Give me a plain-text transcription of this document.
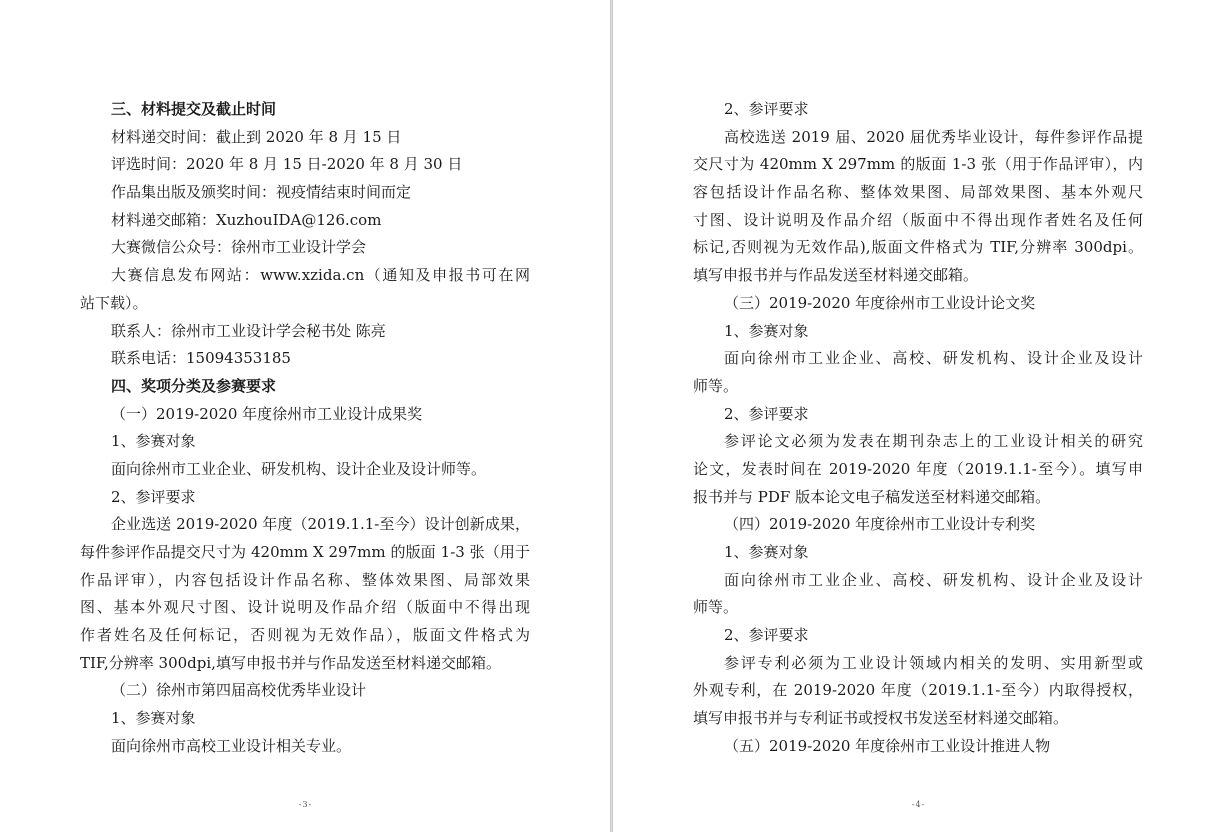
三、材料提交及截止时间
材料递交时间：截止到 2020 年 8 月 15 日
评选时间：2020 年 8 月 15 日-2020 年 8 月 30 日
作品集出版及颁奖时间：视疫情结束时间而定
材料递交邮箱：XuzhouIDA@126.com
大赛微信公众号：徐州市工业设计学会
大赛信息发布网站：www.xzida.cn（通知及申报书可在网
站下载）。
联系人：徐州市工业设计学会秘书处 陈亮
联系电话：15094353185
四、奖项分类及参赛要求
（一）2019-2020 年度徐州市工业设计成果奖
1、参赛对象
面向徐州市工业企业、研发机构、设计企业及设计师等。
2、参评要求
企业选送 2019-2020 年度（2019.1.1-至今）设计创新成果，
每件参评作品提交尺寸为 420mm X 297mm 的版面 1-3 张（用于
作品评审），内容包括设计作品名称、整体效果图、局部效果
图、基本外观尺寸图、设计说明及作品介绍（版面中不得出现
作者姓名及任何标记，否则视为无效作品），版面文件格式为
TIF,分辨率 300dpi,填写申报书并与作品发送至材料递交邮箱。
（二）徐州市第四届高校优秀毕业设计
1、参赛对象
面向徐州市高校工业设计相关专业。
-3-
2、参评要求
高校选送 2019 届、2020 届优秀毕业设计，每件参评作品提
交尺寸为 420mm X 297mm 的版面 1-3 张（用于作品评审），内
容包括设计作品名称、整体效果图、局部效果图、基本外观尺
寸图、设计说明及作品介绍（版面中不得出现作者姓名及任何
标记,否则视为无效作品),版面文件格式为 TIF,分辨率 300dpi。
填写申报书并与作品发送至材料递交邮箱。
（三）2019-2020 年度徐州市工业设计论文奖
1、参赛对象
面向徐州市工业企业、高校、研发机构、设计企业及设计
师等。
2、参评要求
参评论文必须为发表在期刊杂志上的工业设计相关的研究
论文，发表时间在 2019-2020 年度（2019.1.1-至今）。填写申
报书并与 PDF 版本论文电子稿发送至材料递交邮箱。
（四）2019-2020 年度徐州市工业设计专利奖
1、参赛对象
面向徐州市工业企业、高校、研发机构、设计企业及设计
师等。
2、参评要求
参评专利必须为工业设计领域内相关的发明、实用新型或
外观专利，在 2019-2020 年度（2019.1.1-至今）内取得授权，
填写申报书并与专利证书或授权书发送至材料递交邮箱。
（五）2019-2020 年度徐州市工业设计推进人物
-4-
